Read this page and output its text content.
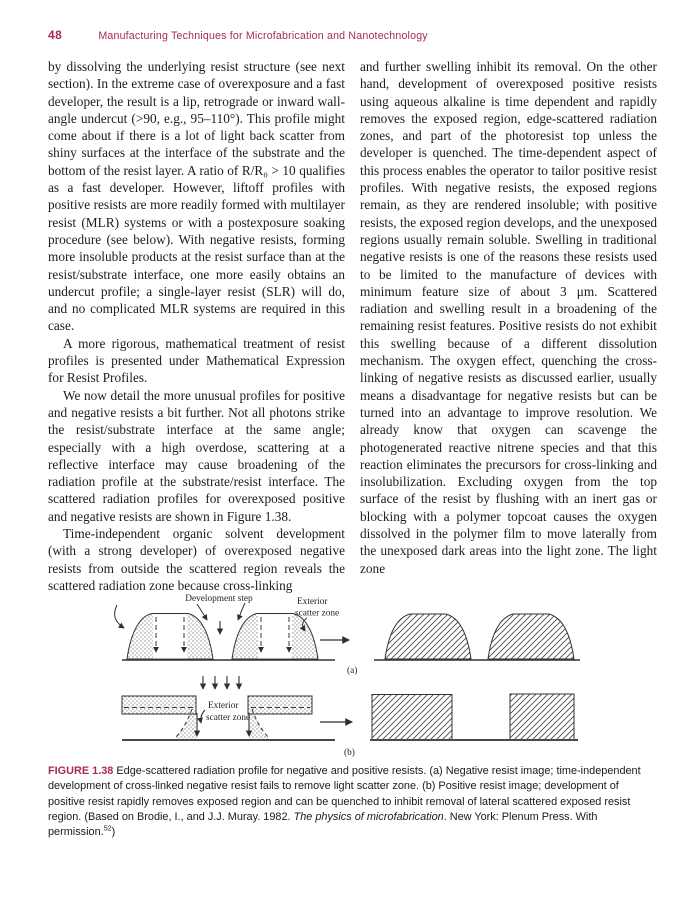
48	Manufacturing Techniques for Microfabrication and Nanotechnology

by dissolving the underlying resist structure (see next section). In the extreme case of overexposure and a fast developer, the result is a lip, retrograde or inward wall-angle undercut (>90, e.g., 95–110°). This profile might come about if there is a lot of light back scatter from shiny surfaces at the interface of the substrate and the bottom of the resist layer. A ratio of R/R₀ > 10 qualifies as a fast developer. However, liftoff profiles with positive resists are more readily formed with multilayer resist (MLR) systems or with a postexposure soaking procedure (see below). With negative resists, forming more insoluble products at the resist surface than at the resist/substrate interface, one more easily obtains an undercut profile; a single-layer resist (SLR) will do, and no complicated MLR systems are required in this case.

A more rigorous, mathematical treatment of resist profiles is presented under Mathematical Expression for Resist Profiles.

We now detail the more unusual profiles for positive and negative resists a bit further. Not all photons strike the resist/substrate interface at the same angle; especially with a high overdose, scattering at a reflective interface may cause broadening of the radiation profile at the substrate/resist interface. The scattered radiation profiles for overexposed positive and negative resists are shown in Figure 1.38.

Time-independent organic solvent development (with a strong developer) of overexposed negative resists from outside the scattered region reveals the scattered radiation zone because cross-linking

and further swelling inhibit its removal. On the other hand, development of overexposed positive resists using aqueous alkaline is time dependent and rapidly removes the exposed region, edge-scattered radiation zones, and part of the photoresist top unless the developer is quenched. The time-dependent aspect of this process enables the operator to tailor positive resist profiles. With negative resists, the exposed regions remain, as they are rendered insoluble; with positive resists, the exposed region develops, and the unexposed regions usually remain soluble. Swelling in traditional negative resists is one of the reasons these resists used to be limited to the manufacture of devices with minimum feature size of about 3 μm. Scattered radiation and swelling result in a broadening of the remaining resist features. Positive resists do not exhibit this swelling because of a different dissolution mechanism. The oxygen effect, quenching the cross-linking of negative resists as discussed earlier, usually means a disadvantage for negative resists but can be turned into an advantage to improve resolution. We already know that oxygen can scavenge the photogenerated reactive nitrene species and that this reaction eliminates the precursors for cross-linking and insolubilization. Excluding oxygen from the top surface of the resist by flushing with an inert gas or blocking with a polymer topcoat causes the oxygen dissolved in the polymer film to move laterally from the unexposed dark areas into the light zone. The light zone

Development step	Exterior
scatter zone
(a)
Exterior
scatter zone
(b)

FIGURE 1.38 Edge-scattered radiation profile for negative and positive resists. (a) Negative resist image; time-independent development of cross-linked negative resist fails to remove light scatter zone. (b) Positive resist image; development of positive resist rapidly removes exposed region and can be quenched to inhibit removal of lateral scattered exposed resist region. (Based on Brodie, I., and J.J. Muray. 1982. The physics of microfabrication. New York: Plenum Press. With permission.$^{52}$)
